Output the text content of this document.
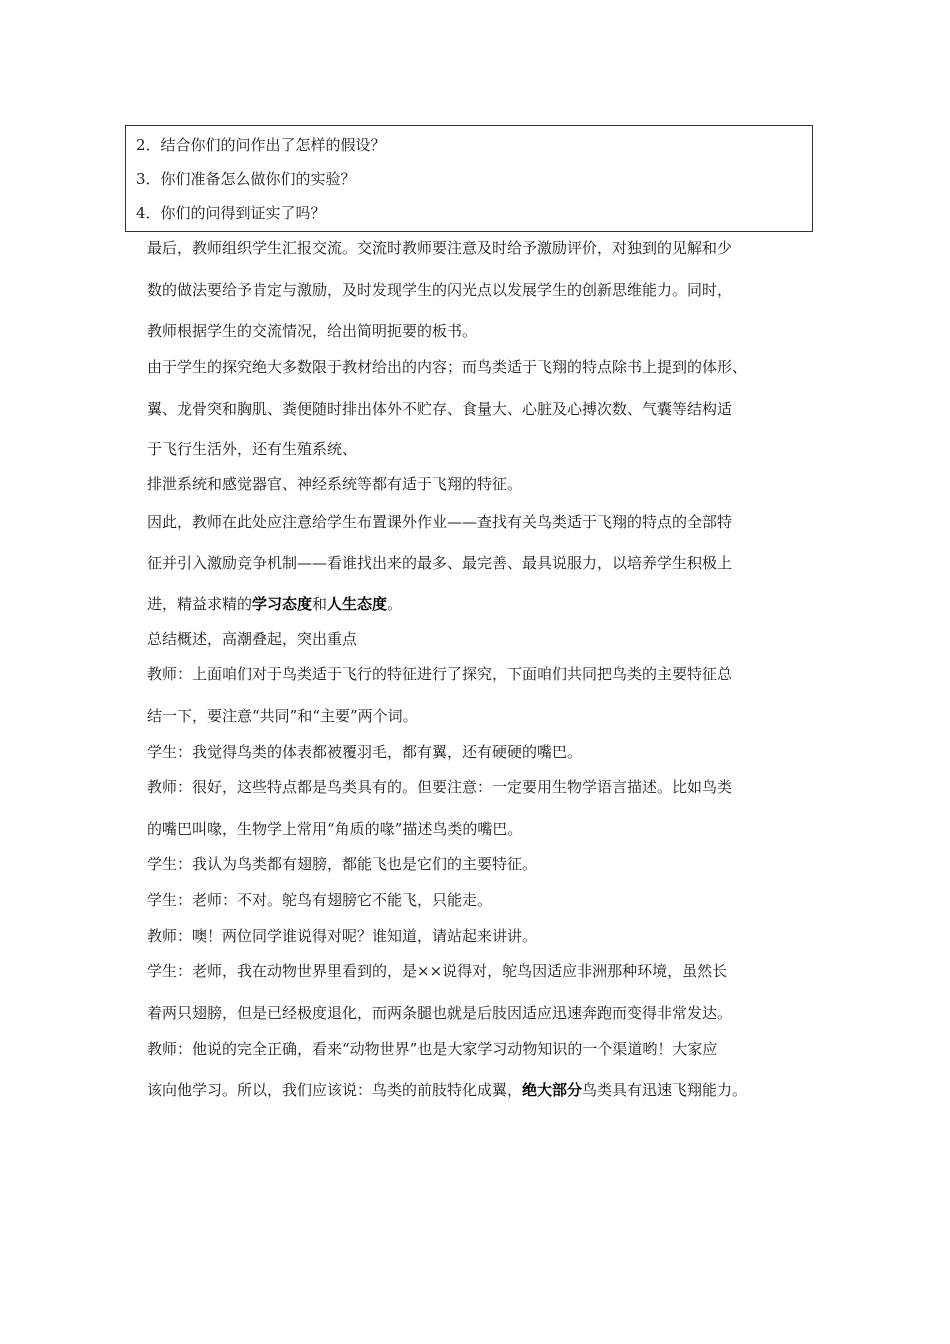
2．结合你们的问作出了怎样的假设？
3．你们准备怎么做你们的实验？
4．你们的问得到证实了吗？
最后，教师组织学生汇报交流。交流时教师要注意及时给予激励评价，对独到的见解和少
数的做法要给予肯定与激励，及时发现学生的闪光点以发展学生的创新思维能力。同时，
教师根据学生的交流情况，给出简明扼要的板书。
由于学生的探究绝大多数限于教材给出的内容；而鸟类适于飞翔的特点除书上提到的体形、
翼、龙骨突和胸肌、粪便随时排出体外不贮存、食量大、心脏及心搏次数、气囊等结构适
于飞行生活外，还有生殖系统、
排泄系统和感觉器官、神经系统等都有适于飞翔的特征。
因此，教师在此处应注意给学生布置课外作业——查找有关鸟类适于飞翔的特点的全部特
征并引入激励竞争机制——看谁找出来的最多、最完善、最具说服力，以培养学生积极上
进，精益求精的学习态度和人生态度。
总结概述，高潮叠起，突出重点
教师：上面咱们对于鸟类适于飞行的特征进行了探究，下面咱们共同把鸟类的主要特征总
结一下，要注意“共同”和“主要”两个词。
学生：我觉得鸟类的体表都被覆羽毛，都有翼，还有硬硬的嘴巴。
教师：很好，这些特点都是鸟类具有的。但要注意：一定要用生物学语言描述。比如鸟类
的嘴巴叫喙，生物学上常用“角质的喙”描述鸟类的嘴巴。
学生：我认为鸟类都有翅膀，都能飞也是它们的主要特征。
学生：老师：不对。鸵鸟有翅膀它不能飞，只能走。
教师：噢！两位同学谁说得对呢？谁知道，请站起来讲讲。
学生：老师，我在动物世界里看到的，是××说得对，鸵鸟因适应非洲那种环境，虽然长
着两只翅膀，但是已经极度退化，而两条腿也就是后肢因适应迅速奔跑而变得非常发达。
教师：他说的完全正确，看来“动物世界”也是大家学习动物知识的一个渠道哟！大家应
该向他学习。所以，我们应该说：鸟类的前肢特化成翼，绝大部分鸟类具有迅速飞翔能力。
